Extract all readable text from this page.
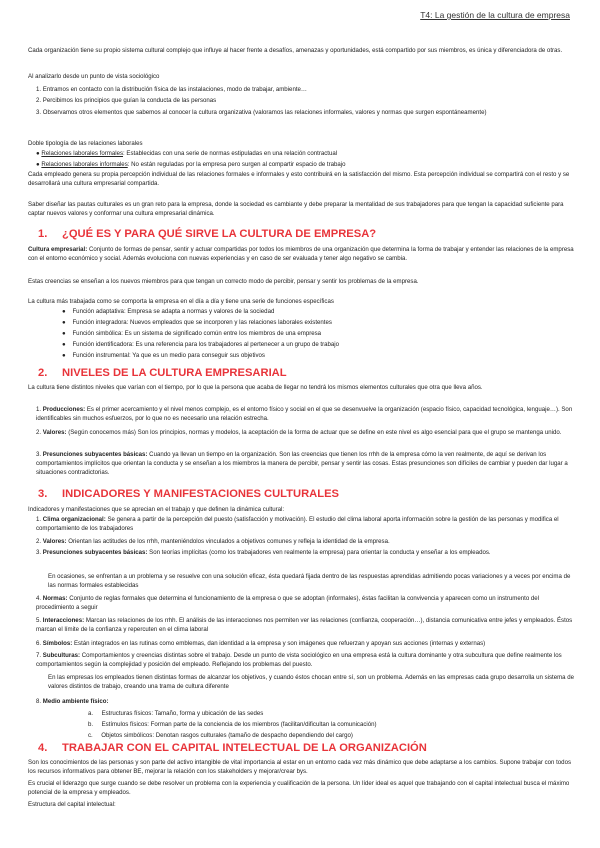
T4: La gestión de la cultura de empresa

Cada organización tiene su propio sistema cultural complejo que influye al hacer frente a desafíos, amenazas y oportunidades, está compartido por sus miembros, es única y diferenciadora de otras.

Al analizarlo desde un punto de vista sociológico

1. Entramos en contacto con la distribución física de las instalaciones, modo de trabajar, ambiente…

2. Percibimos los principios que guían la conducta de las personas

3. Observamos otros elementos que sabemos al conocer la cultura organizativa (valoramos las relaciones informales, valores y normas que surgen espontáneamente)

Doble tipología de las relaciones laborales

● Relaciones laborales formales: Establecidas con una serie de normas estipuladas en una relación contractual

● Relaciones laborales informales: No están reguladas por la empresa pero surgen al compartir espacio de trabajo

Cada empleado genera su propia percepción individual de las relaciones formales e informales y esto contribuirá en la satisfacción del mismo. Esta percepción individual se compartirá con el resto y se desarrollará una cultura empresarial compartida.

Saber diseñar las pautas culturales es un gran reto para la empresa, donde la sociedad es cambiante y debe preparar la mentalidad de sus trabajadores para que tengan la capacidad suficiente para captar nuevos valores y conformar una cultura empresarial dinámica.

1. ¿QUÉ ES Y PARA QUÉ SIRVE LA CULTURA DE EMPRESA?

Cultura empresarial: Conjunto de formas de pensar, sentir y actuar compartidas por todos los miembros de una organización que determina la forma de trabajar y entender las relaciones de la empresa con el entorno económico y social. Además evoluciona con nuevas experiencias y en caso de ser evaluada y tener algo negativo se cambia.

Estas creencias se enseñan a los nuevos miembros para que tengan un correcto modo de percibir, pensar y sentir los problemas de la empresa.

La cultura más trabajada como se comporta la empresa en el día a día y tiene una serie de funciones específicas

●    Función adaptativa: Empresa se adapta a normas y valores de la sociedad

●    Función integradora: Nuevos empleados que se incorporen y las relaciones laborales existentes

●    Función simbólica: Es un sistema de significado común entre los miembros de una empresa

●    Función identificadora: Es una referencia para los trabajadores al pertenecer a un grupo de trabajo

●    Función instrumental: Ya que es un medio para conseguir sus objetivos

2. NIVELES DE LA CULTURA EMPRESARIAL

La cultura tiene distintos niveles que varían con el tiempo, por lo que la persona que acaba de llegar no tendrá los mismos elementos culturales que otra que lleva años.

1. Producciones: Es el primer acercamiento y el nivel menos complejo, es el entorno físico y social en el que se desenvuelve la organización (espacio físico, capacidad tecnológica, lenguaje…). Son identificables sin muchos esfuerzos, por lo que no es necesario una relación estrecha.

2. Valores: (Según conocemos más) Son los principios, normas y modelos, la aceptación de la forma de actuar que se define en este nivel es algo esencial para que el grupo se mantenga unido.

3. Presunciones subyacentes básicas: Cuando ya llevan un tiempo en la organización. Son las creencias que tienen los rrhh de la empresa cómo la ven realmente, de aquí se derivan los comportamientos implícitos que orientan la conducta y se enseñan a los miembros la manera de percibir, pensar y sentir las cosas. Estas presunciones son difíciles de cambiar y pueden dar lugar a situaciones contradictorias.

3. INDICADORES Y MANIFESTACIONES CULTURALES

Indicadores y manifestaciones que se aprecian en el trabajo y que definen la dinámica cultural:

1. Clima organizacional: Se genera a partir de la percepción del puesto (satisfacción y motivación). El estudio del clima laboral aporta información sobre la gestión de las personas y modifica el comportamiento de los trabajadores

2. Valores: Orientan las actitudes de los rrhh, manteniéndolos vinculados a objetivos comunes y refleja la identidad de la empresa.

3. Presunciones subyacentes básicas: Son teorías implícitas (como los trabajadores ven realmente la empresa) para orientar la conducta y enseñar a los empleados.

En ocasiones, se enfrentan a un problema y se resuelve con una solución eficaz, ésta quedará fijada dentro de las respuestas aprendidas admitiendo pocas variaciones y a veces por encima de las normas formales establecidas

4. Normas: Conjunto de reglas formales que determina el funcionamiento de la empresa o que se adoptan (informales), éstas facilitan la convivencia y aparecen como un instrumento del procedimiento a seguir

5. Interacciones: Marcan las relaciones de los rrhh. El análisis de las interacciones nos permiten ver las relaciones (confianza, cooperación…), distancia comunicativa entre jefes y empleados. Éstos marcan el límite de la confianza y repercuten en el clima laboral

6. Símbolos: Están integrados en las rutinas como emblemas, dan identidad a la empresa y son imágenes que refuerzan y apoyan sus acciones (internas y externas)

7. Subculturas: Comportamientos y creencias distintas sobre el trabajo. Desde un punto de vista sociológico en una empresa está la cultura dominante y otra subcultura que define realmente los comportamientos según la complejidad y posición del empleado. Reflejando los problemas del puesto.

En las empresas los empleados tienen distintas formas de alcanzar los objetivos, y cuando éstos chocan entre sí, son un problema. Además en las empresas cada grupo desarrolla un sistema de valores distintos de trabajo, creando una trama de cultura diferente

8. Medio ambiente físico:

a. Estructuras físicos: Tamaño, forma y ubicación de las sedes

b. Estímulos físicos: Forman parte de la conciencia de los miembros (facilitan/dificultan la comunicación)

c. Objetos simbólicos: Denotan rasgos culturales (tamaño de despacho dependiendo del cargo)

4. TRABAJAR CON EL CAPITAL INTELECTUAL DE LA ORGANIZACIÓN

Son los conocimientos de las personas y son parte del activo intangible de vital importancia al estar en un entorno cada vez más dinámico que debe adaptarse a los cambios. Supone trabajar con todos los recursos informativos para obtener BE, mejorar la relación con los stakeholders y mejorar/crear bys.

Es crucial el liderazgo que surge cuando se debe resolver un problema con la experiencia y cualificación de la persona. Un líder ideal es aquel que trabajando con el capital intelectual busca el máximo potencial de la empresa y empleados.

Estructura del capital intelectual:
